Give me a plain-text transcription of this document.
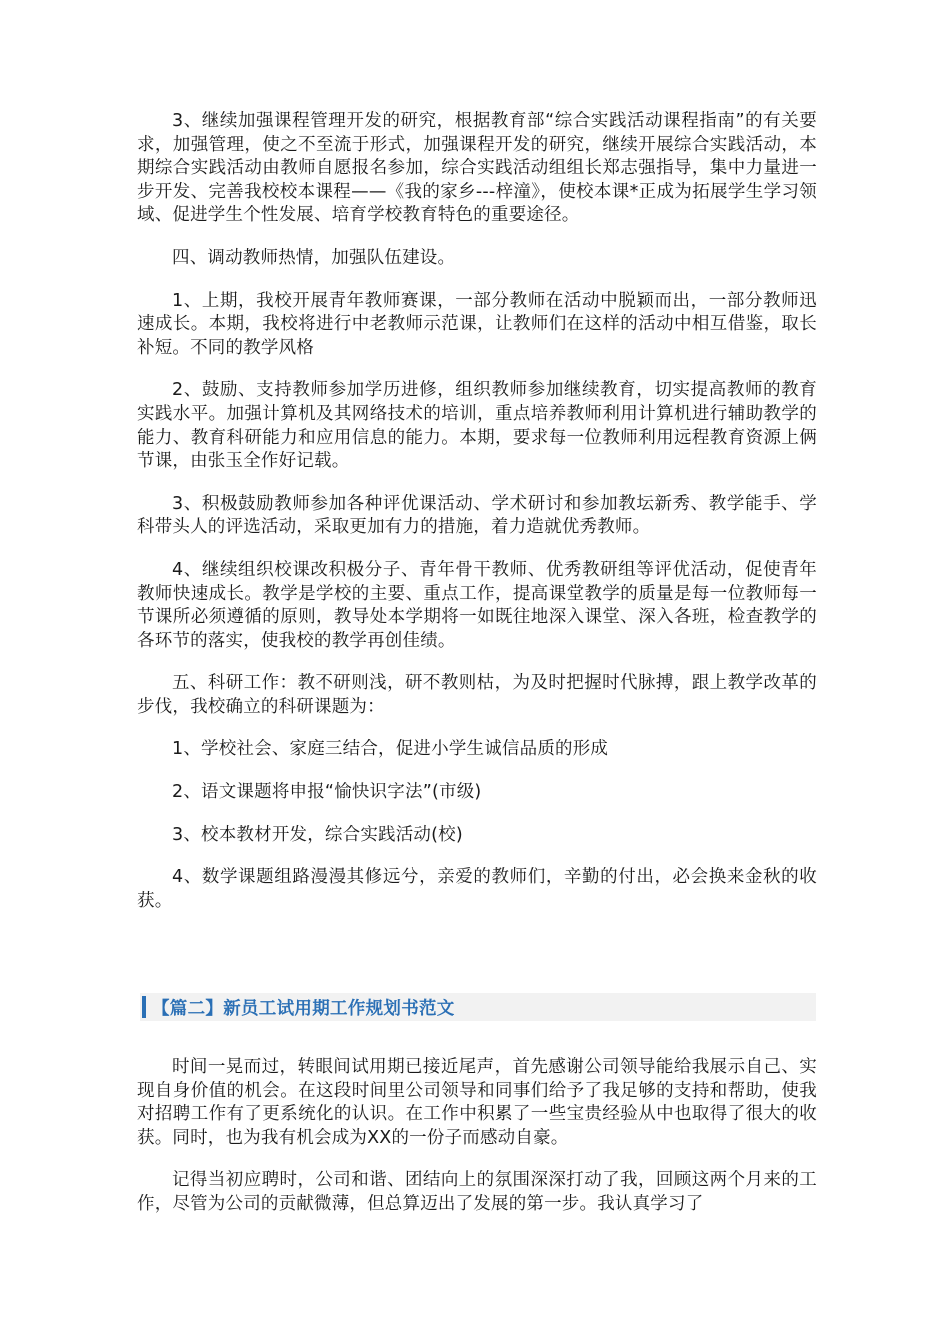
3、继续加强课程管理开发的研究，根据教育部“综合实践活动课程指南”的有关要求，加强管理，使之不至流于形式，加强课程开发的研究，继续开展综合实践活动，本期综合实践活动由教师自愿报名参加，综合实践活动组组长郑志强指导，集中力量进一步开发、完善我校校本课程——《我的家乡---梓潼》，使校本课*正成为拓展学生学习领域、促进学生个性发展、培育学校教育特色的重要途径。

四、调动教师热情，加强队伍建设。

1、上期，我校开展青年教师赛课，一部分教师在活动中脱颖而出，一部分教师迅速成长。本期，我校将进行中老教师示范课，让教师们在这样的活动中相互借鉴，取长补短。不同的教学风格

2、鼓励、支持教师参加学历进修，组织教师参加继续教育，切实提高教师的教育实践水平。加强计算机及其网络技术的培训，重点培养教师利用计算机进行辅助教学的能力、教育科研能力和应用信息的能力。本期，要求每一位教师利用远程教育资源上俩节课，由张玉全作好记载。

3、积极鼓励教师参加各种评优课活动、学术研讨和参加教坛新秀、教学能手、学科带头人的评选活动，采取更加有力的措施，着力造就优秀教师。

4、继续组织校课改积极分子、青年骨干教师、优秀教研组等评优活动，促使青年教师快速成长。教学是学校的主要、重点工作，提高课堂教学的质量是每一位教师每一节课所必须遵循的原则，教导处本学期将一如既往地深入课堂、深入各班，检查教学的各环节的落实，使我校的教学再创佳绩。

五、科研工作：教不研则浅，研不教则枯，为及时把握时代脉搏，跟上教学改革的步伐，我校确立的科研课题为：

1、学校社会、家庭三结合，促进小学生诚信品质的形成

2、语文课题将申报“愉快识字法”(市级)

3、校本教材开发，综合实践活动(校)

4、数学课题组路漫漫其修远兮，亲爱的教师们，辛勤的付出，必会换来金秋的收获。

【篇二】新员工试用期工作规划书范文

时间一晃而过，转眼间试用期已接近尾声，首先感谢公司领导能给我展示自己、实现自身价值的机会。在这段时间里公司领导和同事们给予了我足够的支持和帮助，使我对招聘工作有了更系统化的认识。在工作中积累了一些宝贵经验从中也取得了很大的收获。同时，也为我有机会成为XX的一份子而感动自豪。

记得当初应聘时，公司和谐、团结向上的氛围深深打动了我，回顾这两个月来的工作，尽管为公司的贡献微薄，但总算迈出了发展的第一步。我认真学习了
